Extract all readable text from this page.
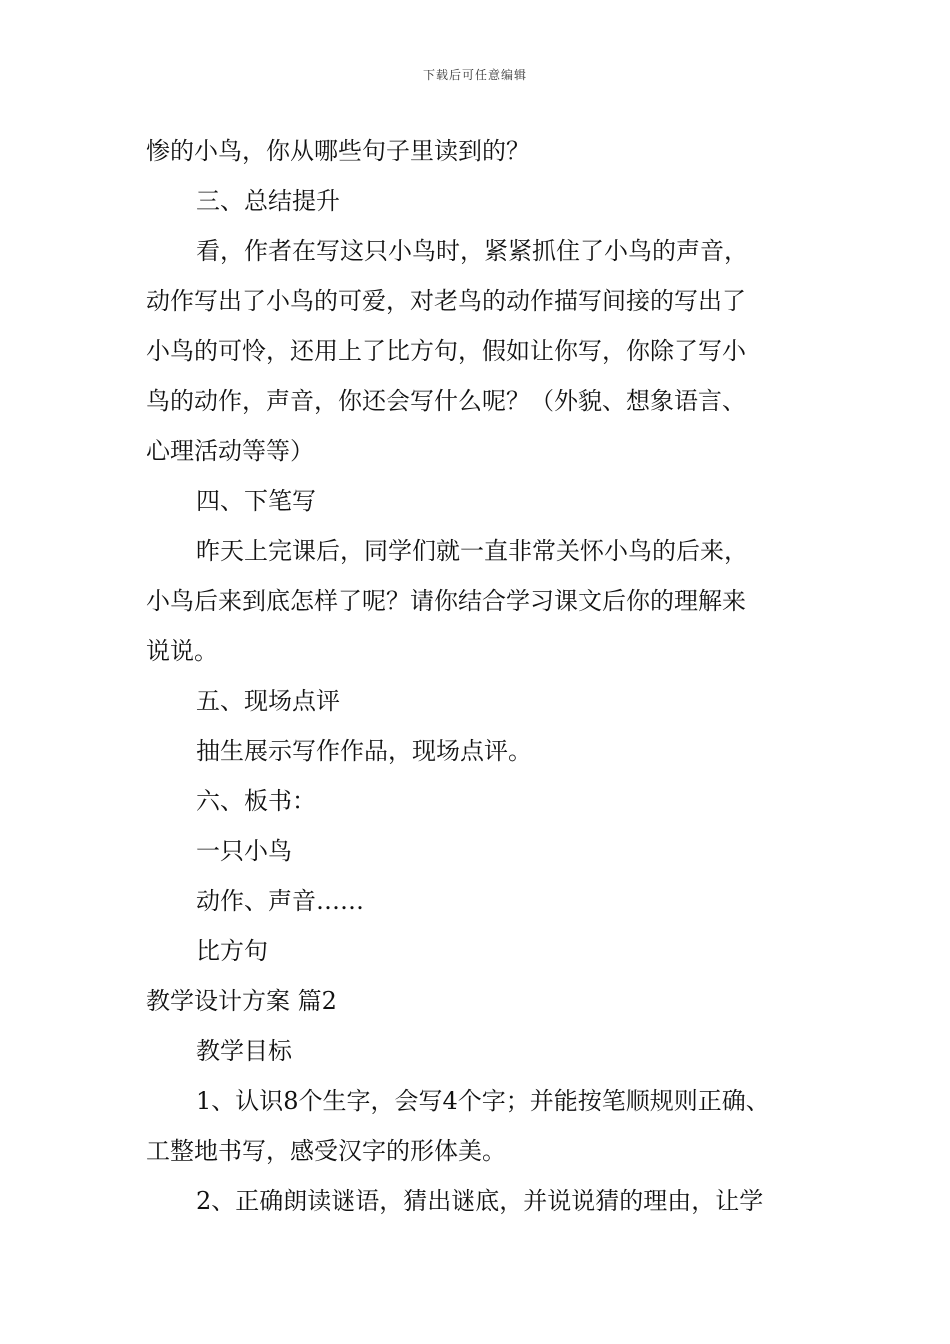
下载后可任意编辑
惨的小鸟，你从哪些句子里读到的？
三、总结提升
看，作者在写这只小鸟时，紧紧抓住了小鸟的声音，
动作写出了小鸟的可爱，对老鸟的动作描写间接的写出了
小鸟的可怜，还用上了比方句，假如让你写，你除了写小
鸟的动作，声音，你还会写什么呢？（外貌、想象语言、
心理活动等等）
四、下笔写
昨天上完课后，同学们就一直非常关怀小鸟的后来，
小鸟后来到底怎样了呢？请你结合学习课文后你的理解来
说说。
五、现场点评
抽生展示写作作品，现场点评。
六、板书：
一只小鸟
动作、声音……
比方句
教学设计方案 篇2
教学目标
1、认识8个生字，会写4个字；并能按笔顺规则正确、
工整地书写，感受汉字的形体美。
2、正确朗读谜语，猜出谜底，并说说猜的理由，让学
